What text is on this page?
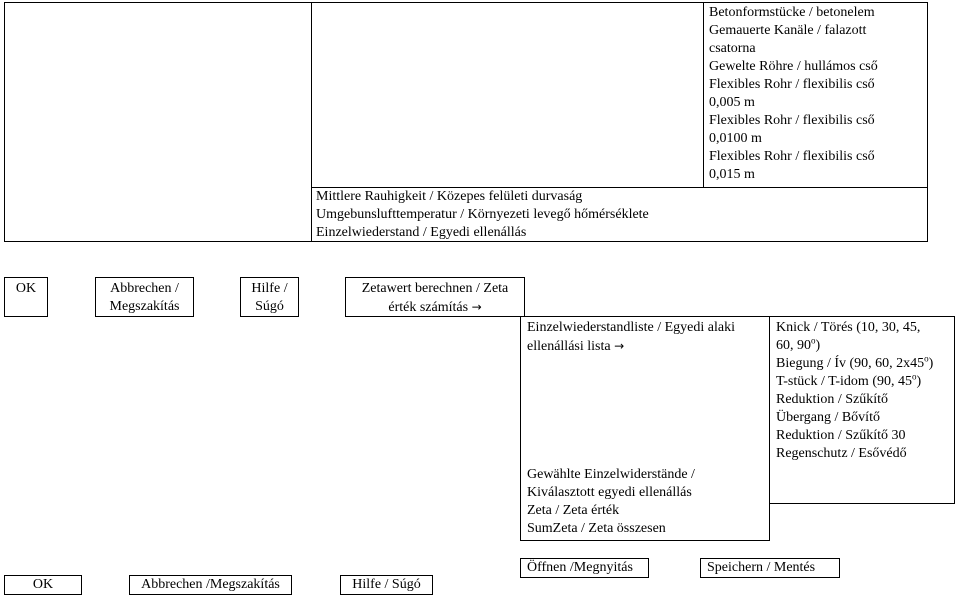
Mittlere Rauhigkeit / Közepes felületi durvaság
Umgebunslufttemperatur / Környezeti levegő hőmérséklete
Einzelwiederstand / Egyedi ellenállás
Betonformstücke / betonelem
Gemauerte Kanäle / falazott
csatorna
Gewelte Röhre / hullámos cső
Flexibles Rohr / flexibilis cső
0,005 m
Flexibles Rohr / flexibilis cső
0,0100 m
Flexibles Rohr / flexibilis cső
0,015 m
OK	Abbrechen /
Megszakítás
Hilfe /
Súgó
Zetawert berechnen / Zeta
érték számítás →
Einzelwiederstandliste / Egyedi alaki
ellenállási lista →
Gewählte Einzelwiderstände /
Kiválasztott egyedi ellenállás
Zeta / Zeta érték
SumZeta / Zeta összesen
Knick / Törés (10, 30, 45,
60, 90$^o$)
Biegung / Ív (90, 60, 2x45$^o$)
T-stück / T-idom (90, 45$^o$)
Reduktion / Szűkítő
Übergang / Bővítő
Reduktion / Szűkítő 30
Regenschutz / Esővédő
Öffnen /Megnyitás	Speichern / Mentés
OK	Abbrechen /Megszakítás	Hilfe / Súgó
